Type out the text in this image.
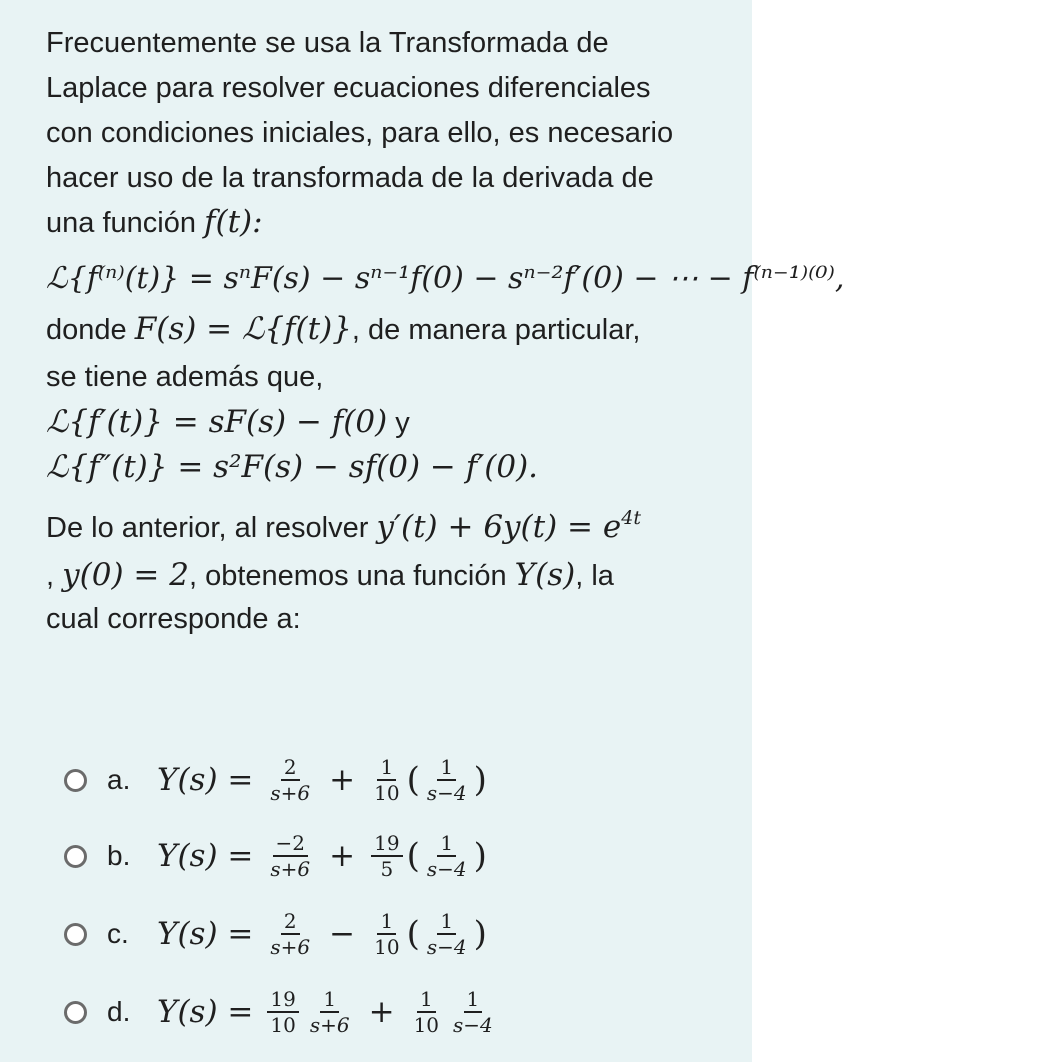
Frecuentemente se usa la Transformada de
Laplace para resolver ecuaciones diferenciales
con condiciones iniciales, para ello, es necesario
hacer uso de la transformada de la derivada de
una función f(t):
ℒ{f⁽ⁿ⁾(t)} = sⁿF(s) − sⁿ⁻¹f(0) − sⁿ⁻²f′(0) − ⋯ − f⁽ⁿ⁻¹⁾⁽⁰⁾,
donde F(s) = ℒ{f(t)}, de manera particular,
se tiene además que,
ℒ{f′(t)} = sF(s) − f(0) y
ℒ{f″(t)} = s²F(s) − sf(0) − f′(0).
De lo anterior, al resolver $y'(t) + 6y(t) = e^{4t}$
, y(0) = 2, obtenemos una función Y(s), la
cual corresponde a:
a. $Y(s) = \frac{2}{s+6} + \frac{1}{10}$ ( $\frac{1}{s-4}$ )
b. $Y(s) = \frac{-2}{s+6} + \frac{19}{5}$ ( $\frac{1}{s-4}$ )
c. $Y(s) = \frac{2}{s+6} - \frac{1}{10}$ ( $\frac{1}{s-4}$ )
d. $Y(s) = \frac{19}{10} \frac{1}{s+6} + \frac{1}{10} \frac{1}{s-4}$
